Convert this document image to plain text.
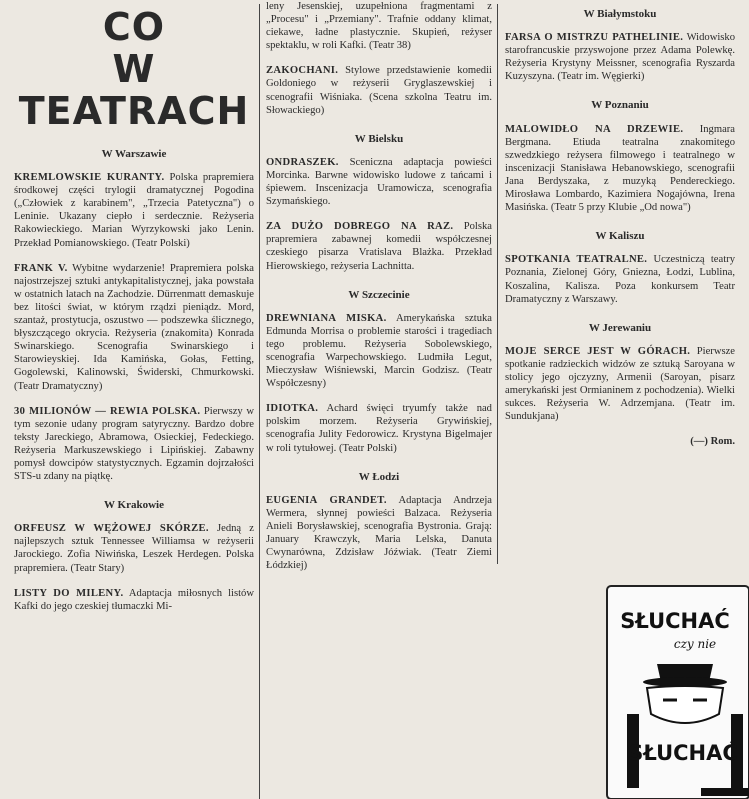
CO
W TEATRACH
W Warszawie

KREMLOWSKIE KURANTY. Polska prapremiera środkowej części trylogii dramatycznej Pogodina („Człowiek z karabinem", „Trzecia Patetyczna") o Leninie. Ukazany ciepło i serdecznie. Reżyseria Rakowieckiego. Marian Wyrzykowski jako Lenin. Przekład Pomianowskiego. (Teatr Polski)

FRANK V. Wybitne wydarzenie! Prapremiera polska najostrzejszej sztuki antykapitalistycznej, jaka powstała w ostatnich latach na Zachodzie. Dürrenmatt demaskuje bez litości świat, w którym rządzi pieniądz. Mord, szantaż, prostytucja, oszustwo — podszewka ślicznego, błyszczącego okrycia. Reżyseria (znakomita) Konrada Swinarskiego. Scenografia Swinarskiego i Starowieyskiej. Ida Kamińska, Gołas, Fetting, Gogolewski, Kalinowski, Świderski, Chmurkowski. (Teatr Dramatyczny)

30 MILIONÓW — REWIA POLSKA. Pierwszy w tym sezonie udany program satyryczny. Bardzo dobre teksty Jareckiego, Abramowa, Osieckiej, Fedeckiego. Reżyseria Markuszewskiego i Lipińskiej. Zabawny pomysł dowcipów statystycznych. Egzamin dojrzałości STS-u zdany na piątkę.

W Krakowie

ORFEUSZ W WĘŻOWEJ SKÓRZE. Jedną z najlepszych sztuk Tennessee Williamsa w reżyserii Jarockiego. Zofia Niwińska, Leszek Herdegen. Polska prapremiera. (Teatr Stary)

LISTY DO MILENY. Adaptacja miłosnych listów Kafki do jego czeskiej tłumaczki Mi-

leny Jesenskiej, uzupełniona fragmentami z „Procesu" i „Przemiany". Trafnie oddany klimat, ciekawe, ładne plastycznie. Skupień, reżyser spektaklu, w roli Kafki. (Teatr 38)

ZAKOCHANI. Stylowe przedstawienie komedii Goldoniego w reżyserii Gryglaszewskiej i scenografii Wiśniaka. (Scena szkolna Teatru im. Słowackiego)

W Bielsku

ONDRASZEK. Sceniczna adaptacja powieści Morcinka. Barwne widowisko ludowe z tańcami i śpiewem. Inscenizacja Uramowicza, scenografia Szymańskiego.

ZA DUŻO DOBREGO NA RAZ. Polska prapremiera zabawnej komedii współczesnej czeskiego pisarza Vratislava Blażka. Przekład Hierowskiego, reżyseria Lachnitta.

W Szczecinie

DREWNIANA MISKA. Amerykańska sztuka Edmunda Morrisa o problemie starości i tragediach tego problemu. Reżyseria Sobolewskiego, scenografia Warpechowskiego. Ludmiła Legut, Mieczysław Wiśniewski, Marcin Godzisz. (Teatr Współczesny)

IDIOTKA. Achard święci tryumfy także nad polskim morzem. Reżyseria Grywińskiej, scenografia Julity Fedorowicz. Krystyna Bigelmajer w roli tytułowej. (Teatr Polski)

W Łodzi

EUGENIA GRANDET. Adaptacja Andrzeja Wermera, słynnej powieści Balzaca. Reżyseria Anieli Borysławskiej, scenografia Bystronia. Grają: January Krawczyk, Maria Lelska, Danuta Cwynarówna, Zdzisław Jóźwiak. (Teatr Ziemi Łódzkiej)

W Białymstoku

FARSA O MISTRZU PATHELINIE. Widowisko starofrancuskie przyswojone przez Adama Polewkę. Reżyseria Krystyny Meissner, scenografia Ryszarda Kuzyszyna. (Teatr im. Węgierki)

W Poznaniu

MALOWIDŁO NA DRZEWIE. Ingmara Bergmana. Etiuda teatralna znakomitego szwedzkiego reżysera filmowego i teatralnego w inscenizacji Stanisława Hebanowskiego, scenografii Jana Berdyszaka, z muzyką Pendereckiego. Mirosława Lombardo, Kazimiera Nogajówna, Irena Masińska. (Teatr 5 przy Klubie „Od nowa")

W Kaliszu

SPOTKANIA TEATRALNE. Uczestniczą teatry Poznania, Zielonej Góry, Gniezna, Łodzi, Lublina, Koszalina, Kalisza. Poza konkursem Teatr Dramatyczny z Warszawy.

W Jerewaniu

MOJE SERCE JEST W GÓRACH. Pierwsze spotkanie radzieckich widzów ze sztuką Saroyana w stolicy jego ojczyzny, Armenii (Saroyan, pisarz amerykański jest Ormianinem z pochodzenia). Wielki sukces. Reżyseria W. Adrzemjana. (Teatr im. Sundukjana)

(—) Rom.
SŁUCHAĆ
czy nie
SŁUCHAĆ
